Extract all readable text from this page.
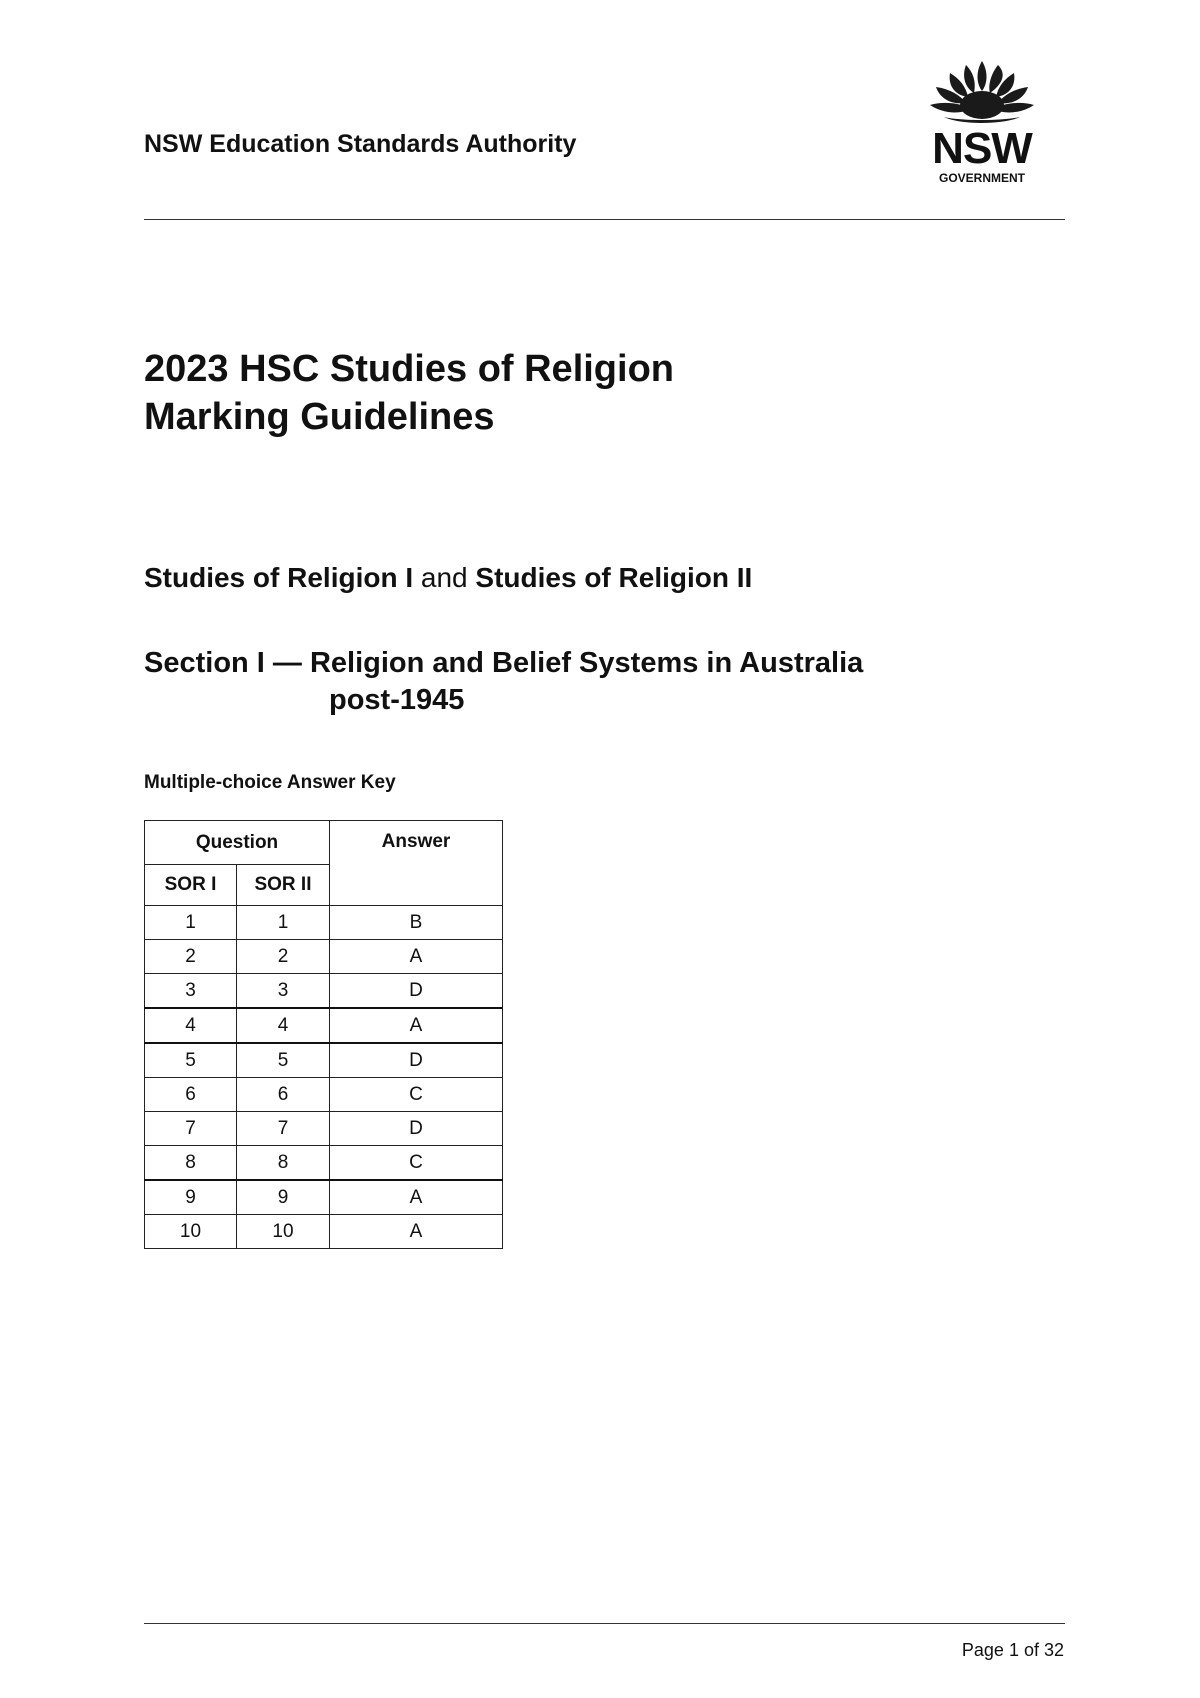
NSW Education Standards Authority	NSW
GOVERNMENT
2023 HSC Studies of Religion
Marking Guidelines
Studies of Religion I and Studies of Religion II
Section I — Religion and Belief Systems in Australia
post-1945
Multiple-choice Answer Key
Question		Answer
SOR I	SOR II	
1	1	B
2	2	A
3	3	D
4	4	A
5	5	D
6	6	C
7	7	D
8	8	C
9	9	A
10	10	A
Page 1 of 32
